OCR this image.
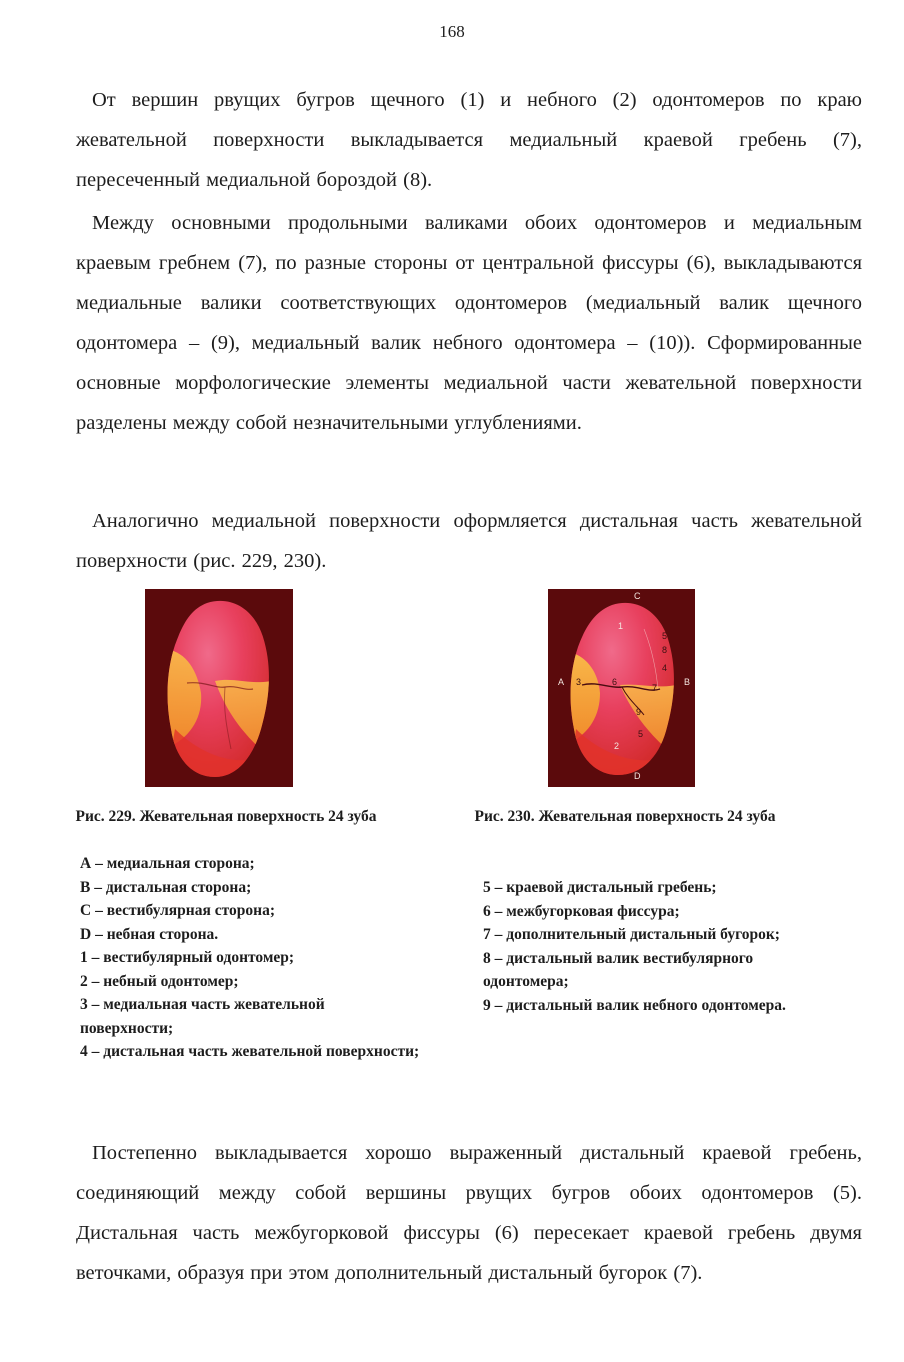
168

От вершин рвущих бугров щечного (1) и небного (2) одонтомеров по краю жевательной поверхности выкладывается медиальный краевой гребень (7), пересеченный медиальной бороздой (8).

Между основными продольными валиками обоих одонтомеров и медиальным краевым гребнем (7), по разные стороны от центральной фиссуры (6), выкладываются медиальные валики соответствующих одонтомеров (медиальный валик щечного одонтомера – (9), медиальный валик небного одонтомера – (10)). Сформированные основные морфологические элементы медиальной части жевательной поверхности разделены между собой незначительными углублениями.

Аналогично медиальной поверхности оформляется дистальная часть жевательной поверхности (рис. 229, 230).

C
D
A	B
1
2
3
4
5
5
6
7
8
9
Рис. 229. Жевательная поверхность 24 зуба	Рис. 230. Жевательная поверхность 24 зуба
А – медиальная сторона;
В – дистальная сторона;
С – вестибулярная сторона;
D – небная сторона.
1 – вестибулярный одонтомер;
2 – небный одонтомер;
3 – медиальная часть жевательной поверхности;
4 – дистальная часть жевательной поверхности;
5 – краевой дистальный гребень;
6 – межбугорковая фиссура;
7 – дополнительный дистальный бугорок;
8 – дистальный валик вестибулярного одонтомера;
9 – дистальный валик небного одонтомера.

Постепенно выкладывается хорошо выраженный дистальный краевой гребень, соединяющий между собой вершины рвущих бугров обоих одонтомеров (5). Дистальная часть межбугорковой фиссуры (6) пересекает краевой гребень двумя веточками, образуя при этом дополнительный дистальный бугорок (7).
